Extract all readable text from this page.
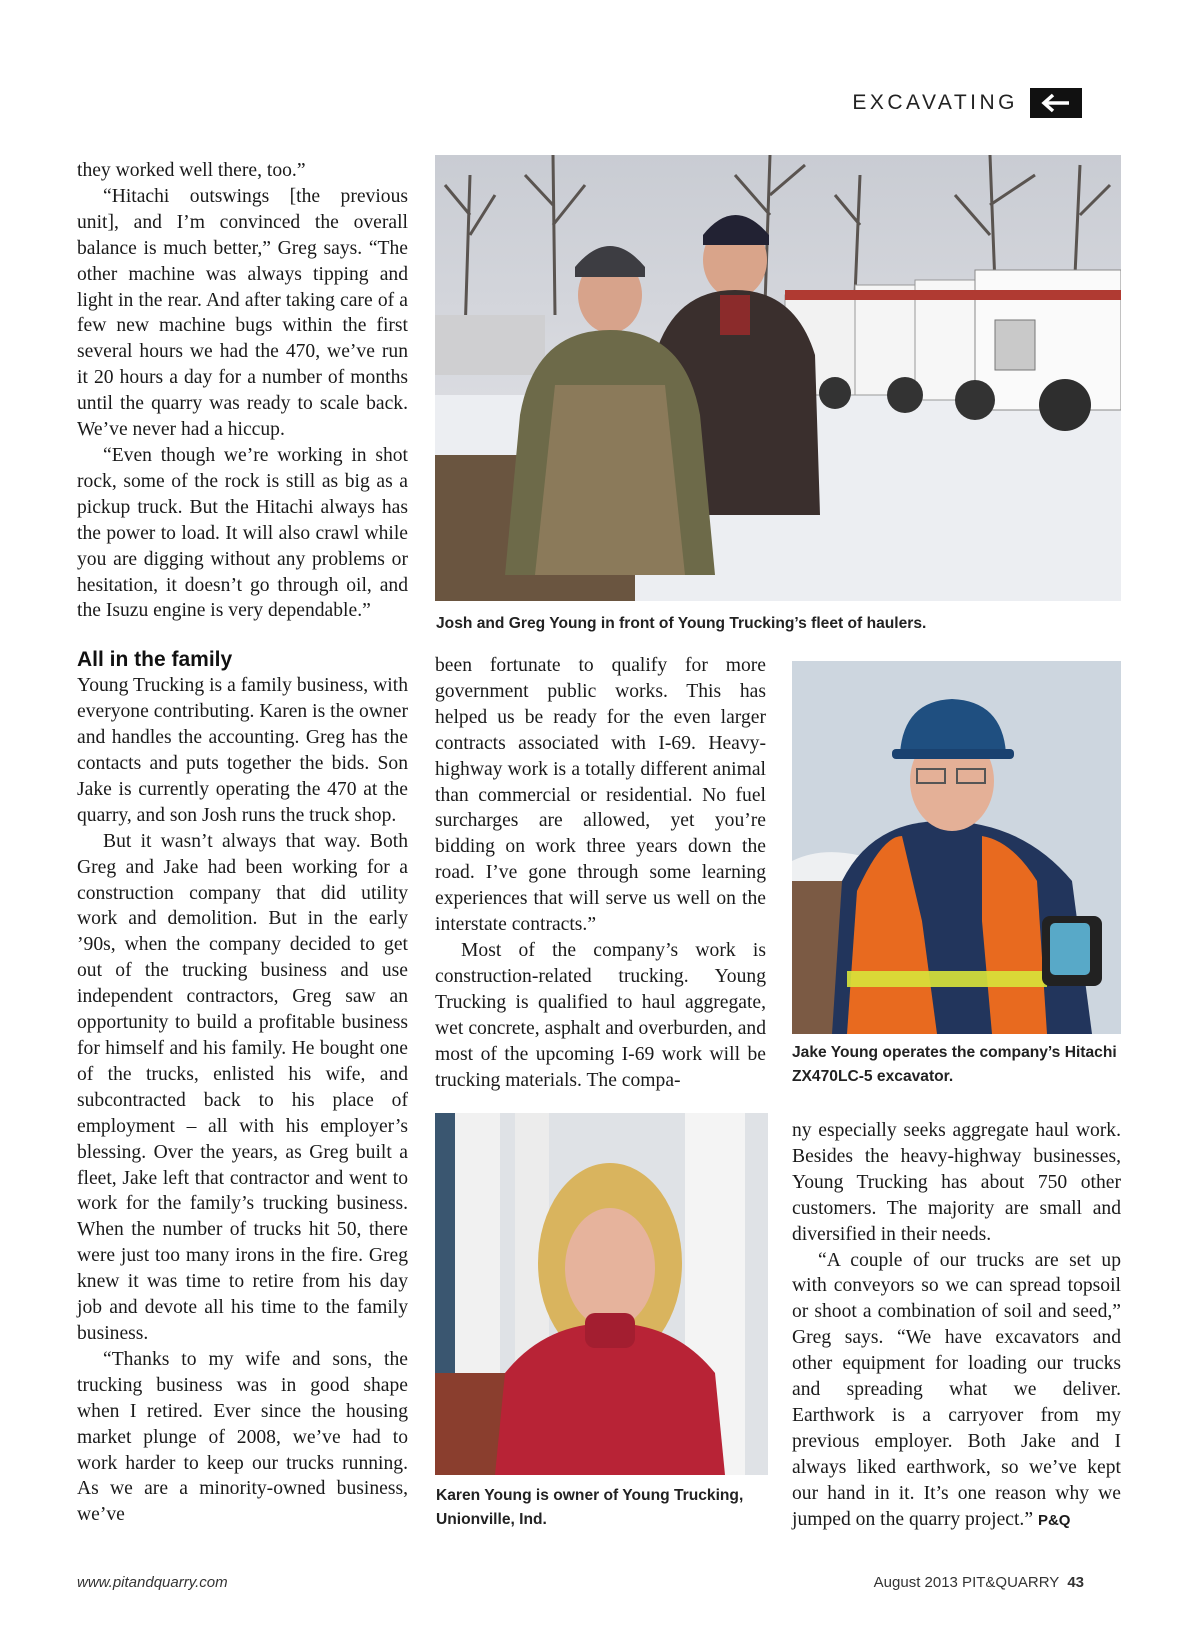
EXCAVATING

they worked well there, too.”

“Hitachi outswings [the previous unit], and I’m convinced the overall balance is much better,” Greg says. “The other machine was always tipping and light in the rear. And after taking care of a few new machine bugs within the first several hours we had the 470, we’ve run it 20 hours a day for a number of months until the quarry was ready to scale back. We’ve never had a hiccup.

“Even though we’re working in shot rock, some of the rock is still as big as a pickup truck. But the Hitachi always has the power to load. It will also crawl while you are digging without any problems or hesitation, it doesn’t go through oil, and the Isuzu engine is very dependable.”

All in the family

Young Trucking is a family business, with everyone contributing. Karen is the owner and handles the accounting. Greg has the contacts and puts together the bids. Son Jake is currently operating the 470 at the quarry, and son Josh runs the truck shop.

But it wasn’t always that way. Both Greg and Jake had been working for a construction company that did utility work and demolition. But in the early ’90s, when the company decided to get out of the trucking business and use independent contractors, Greg saw an opportunity to build a profitable business for himself and his family. He bought one of the trucks, enlisted his wife, and subcontracted back to his place of employment – all with his employer’s blessing. Over the years, as Greg built a fleet, Jake left that contractor and went to work for the family’s trucking business. When the number of trucks hit 50, there were just too many irons in the fire. Greg knew it was time to retire from his day job and devote all his time to the family business.

“Thanks to my wife and sons, the trucking business was in good shape when I retired. Ever since the housing market plunge of 2008, we’ve had to work harder to keep our trucks running. As we are a minority-owned business, we’ve

Josh and Greg Young in front of Young Trucking’s fleet of haulers.

been fortunate to qualify for more government public works. This has helped us be ready for the even larger contracts associated with I-69. Heavy-highway work is a totally different animal than commercial or residential. No fuel surcharges are allowed, yet you’re bidding on work three years down the road. I’ve gone through some learning experiences that will serve us well on the interstate contracts.”

Most of the company’s work is construction-related trucking. Young Trucking is qualified to haul aggregate, wet concrete, asphalt and overburden, and most of the upcoming I-69 work will be trucking materials. The compa-

Jake Young operates the company’s Hitachi ZX470LC-5 excavator.
Karen Young is owner of Young Trucking, Unionville, Ind.

ny especially seeks aggregate haul work. Besides the heavy-highway businesses, Young Trucking has about 750 other customers. The majority are small and diversified in their needs.

“A couple of our trucks are set up with conveyors so we can spread topsoil or shoot a combination of soil and seed,” Greg says. “We have excavators and other equipment for loading our trucks and spreading what we deliver. Earthwork is a carryover from my previous employer. Both Jake and I always liked earthwork, so we’ve kept our hand in it. It’s one reason why we jumped on the quarry project.” P&Q

www.pitandquarry.com	August 2013 PIT&QUARRY 43
